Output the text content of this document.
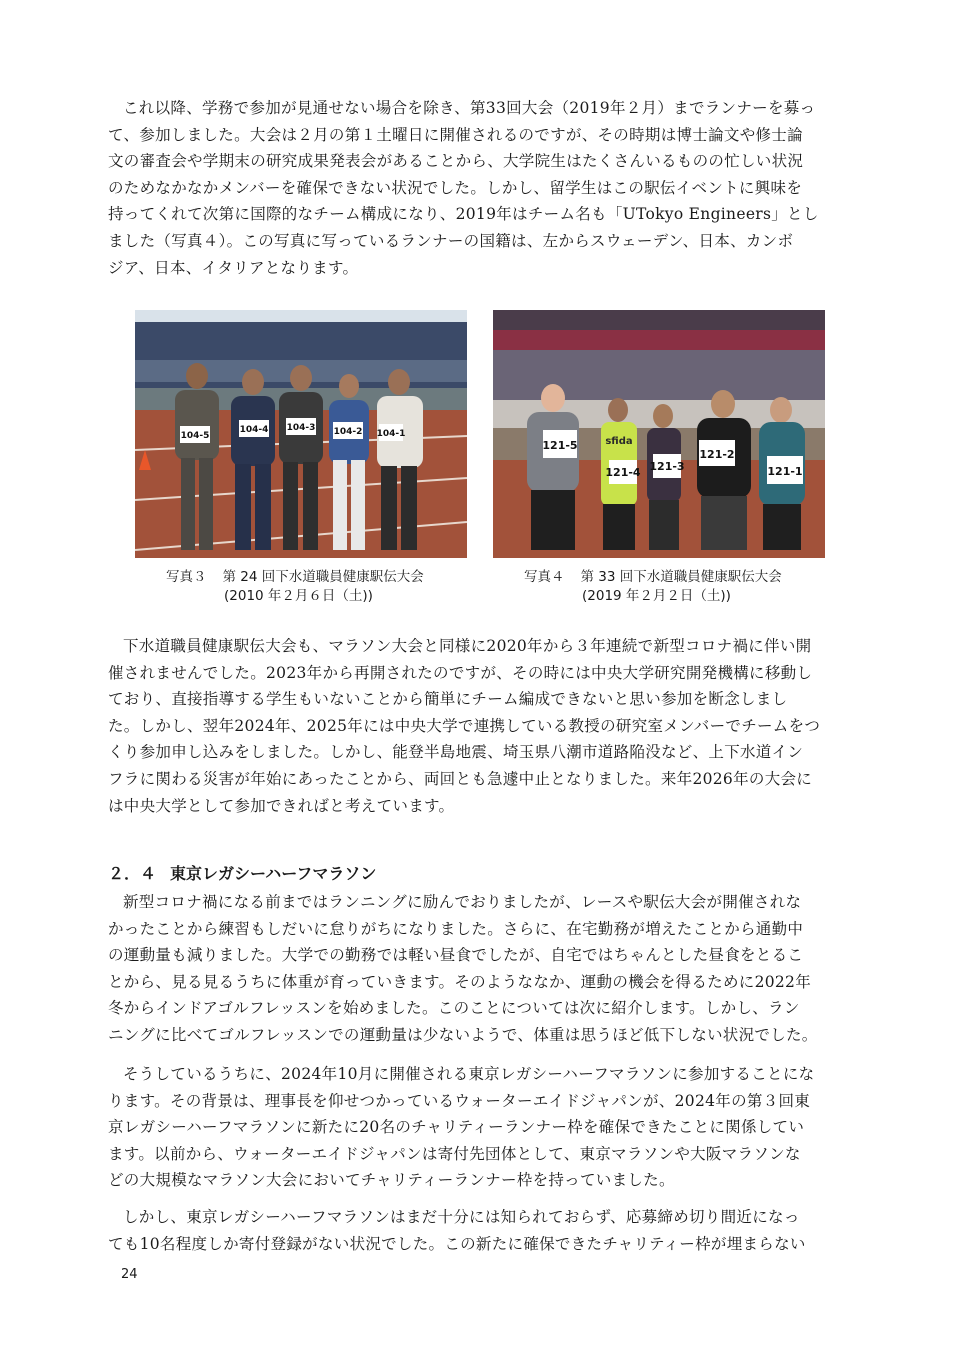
これ以降、学務で参加が見通せない場合を除き、第33回大会（2019年２月）までランナーを募っ
て、参加しました。大会は２月の第１土曜日に開催されるのですが、その時期は博士論文や修士論
文の審査会や学期末の研究成果発表会があることから、大学院生はたくさんいるものの忙しい状況
のためなかなかメンバーを確保できない状況でした。しかし、留学生はこの駅伝イベントに興味を
持ってくれて次第に国際的なチーム構成になり、2019年はチーム名も「UTokyo Engineers」とし
ました（写真４）。この写真に写っているランナーの国籍は、左からスウェーデン、日本、カンボ
ジア、日本、イタリアとなります。
104-5
104-4 104-3 104-2 104-1
121-5
121-4 121-3
121-2
121-1
sfida
写真３ 第 24 回下水道職員健康駅伝大会
(2010 年２月６日（土))
写真４ 第 33 回下水道職員健康駅伝大会
(2019 年２月２日（土))
下水道職員健康駅伝大会も、マラソン大会と同様に2020年から３年連続で新型コロナ禍に伴い開
催されませんでした。2023年から再開されたのですが、その時には中央大学研究開発機構に移動し
ており、直接指導する学生もいないことから簡単にチーム編成できないと思い参加を断念しまし
た。しかし、翌年2024年、2025年には中央大学で連携している教授の研究室メンバーでチームをつ
くり参加申し込みをしました。しかし、能登半島地震、埼玉県八潮市道路陥没など、上下水道イン
フラに関わる災害が年始にあったことから、両回とも急遽中止となりました。来年2026年の大会に
は中央大学として参加できればと考えています。
２．４ 東京レガシーハーフマラソン
新型コロナ禍になる前まではランニングに励んでおりましたが、レースや駅伝大会が開催されな
かったことから練習もしだいに怠りがちになりました。さらに、在宅勤務が増えたことから通勤中
の運動量も減りました。大学での勤務では軽い昼食でしたが、自宅ではちゃんとした昼食をとるこ
とから、見る見るうちに体重が育っていきます。そのようななか、運動の機会を得るために2022年
冬からインドアゴルフレッスンを始めました。このことについては次に紹介します。しかし、ラン
ニングに比べてゴルフレッスンでの運動量は少ないようで、体重は思うほど低下しない状況でした。
そうしているうちに、2024年10月に開催される東京レガシーハーフマラソンに参加することにな
ります。その背景は、理事長を仰せつかっているウォーターエイドジャパンが、2024年の第３回東
京レガシーハーフマラソンに新たに20名のチャリティーランナー枠を確保できたことに関係してい
ます。以前から、ウォーターエイドジャパンは寄付先団体として、東京マラソンや大阪マラソンな
どの大規模なマラソン大会においてチャリティーランナー枠を持っていました。
しかし、東京レガシーハーフマラソンはまだ十分には知られておらず、応募締め切り間近になっ
ても10名程度しか寄付登録がない状況でした。この新たに確保できたチャリティー枠が埋まらない
24
